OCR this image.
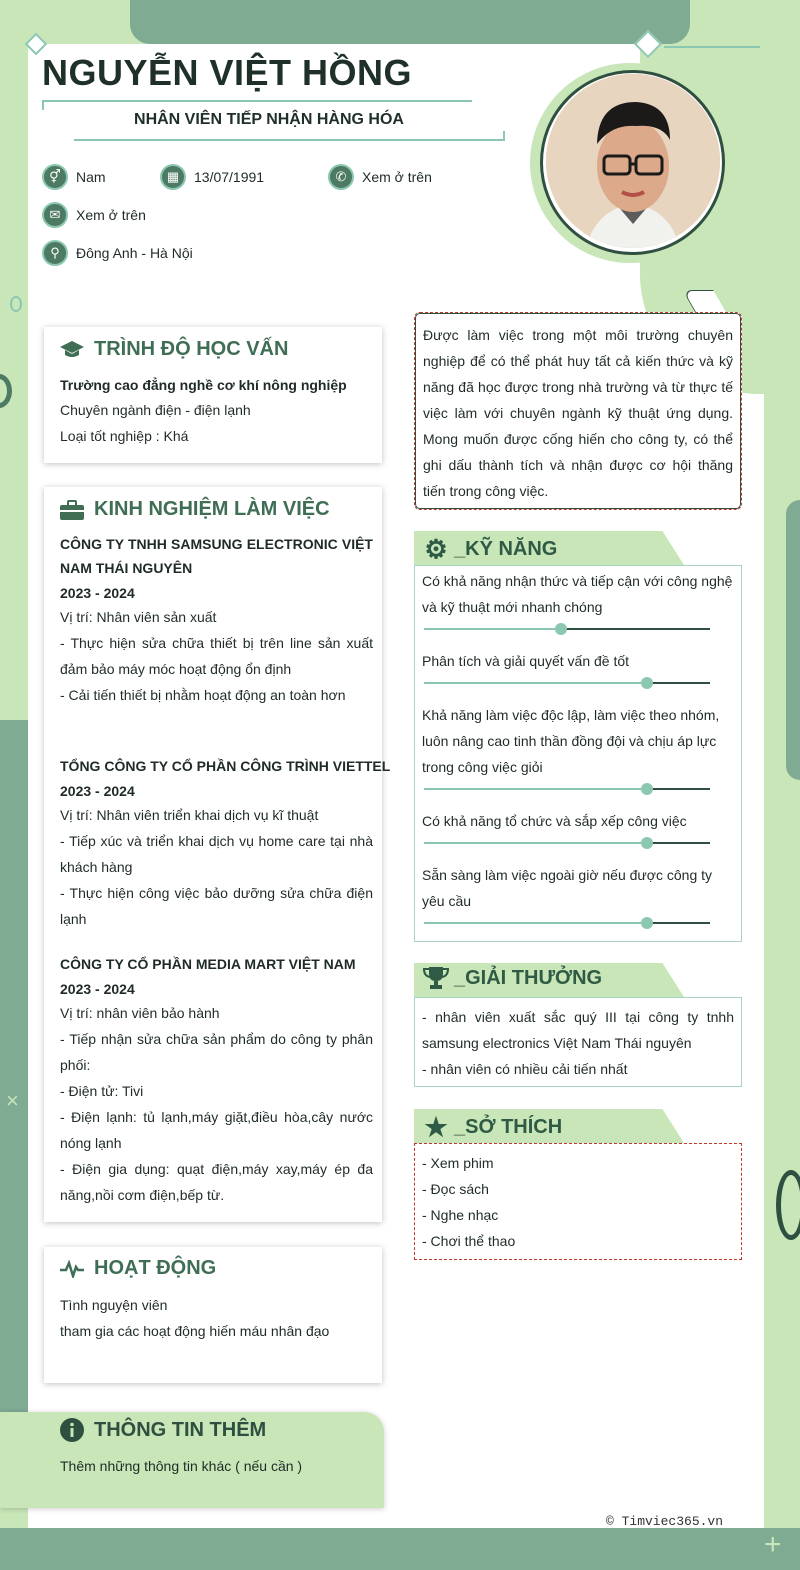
NGUYỄN VIỆT HỒNG
NHÂN VIÊN TIẾP NHẬN HÀNG HÓA
⚥	Nam	▦	13/07/1991	✆	Xem ở trên
✉	Xem ở trên
⚲	Đông Anh - Hà Nội
Được làm việc trong một môi trường chuyên nghiệp để có thể phát huy tất cả kiến thức và kỹ năng đã học được trong nhà trường và từ thực tế việc làm với chuyên ngành kỹ thuật ứng dụng. Mong muốn được cống hiến cho công ty, có thể ghi dấu thành tích và nhận được cơ hội thăng tiến trong công việc.
TRÌNH ĐỘ HỌC VẤN
Trường cao đẳng nghề cơ khí nông nghiệp
Chuyên ngành điện - điện lạnh
Loại tốt nghiệp : Khá
KINH NGHIỆM LÀM VIỆC
CÔNG TY TNHH SAMSUNG ELECTRONIC VIỆT NAM THÁI NGUYÊN
2023 - 2024
Vị trí: Nhân viên sản xuất
- Thực hiện sửa chữa thiết bị trên line sản xuất đảm bảo máy móc hoạt động ổn định
- Cải tiến thiết bị nhằm hoạt động an toàn hơn
TỔNG CÔNG TY CỔ PHẦN CÔNG TRÌNH VIETTEL
2023 - 2024
Vị trí: Nhân viên triển khai dịch vụ kĩ thuật
- Tiếp xúc và triển khai dịch vụ home care tại nhà khách hàng
- Thực hiện công việc bảo dưỡng sửa chữa điện lạnh
CÔNG TY CỔ PHẦN MEDIA MART VIỆT NAM
2023 - 2024
Vị trí: nhân viên bảo hành
- Tiếp nhận sửa chữa sản phẩm do công ty phân phối:
- Điện tử: Tivi
- Điện lạnh: tủ lạnh,máy giặt,điều hòa,cây nước nóng lạnh
- Điện gia dụng: quạt điện,máy xay,máy ép đa năng,nồi cơm điện,bếp từ.
HOẠT ĐỘNG
Tình nguyện viên
tham gia các hoạt động hiến máu nhân đạo
THÔNG TIN THÊM
Thêm những thông tin khác ( nếu cần )
⚙ _KỸ NĂNG
Có khả năng nhận thức và tiếp cận với công nghệ và kỹ thuật mới nhanh chóng
Phân tích và giải quyết vấn đề tốt
Khả năng làm việc độc lập, làm việc theo nhóm, luôn nâng cao tinh thần đồng đội và chịu áp lực trong công việc giỏi
Có khả năng tổ chức và sắp xếp công việc
Sẵn sàng làm việc ngoài giờ nếu được công ty yêu cầu
_GIẢI THƯỞNG
- nhân viên xuất sắc quý III tại công ty tnhh samsung electronics Việt Nam Thái nguyên
- nhân viên có nhiều cải tiến nhất
★ _SỞ THÍCH
- Xem phim
- Đọc sách
- Nghe nhạc
- Chơi thể thao
×
+
© Timviec365.vn
